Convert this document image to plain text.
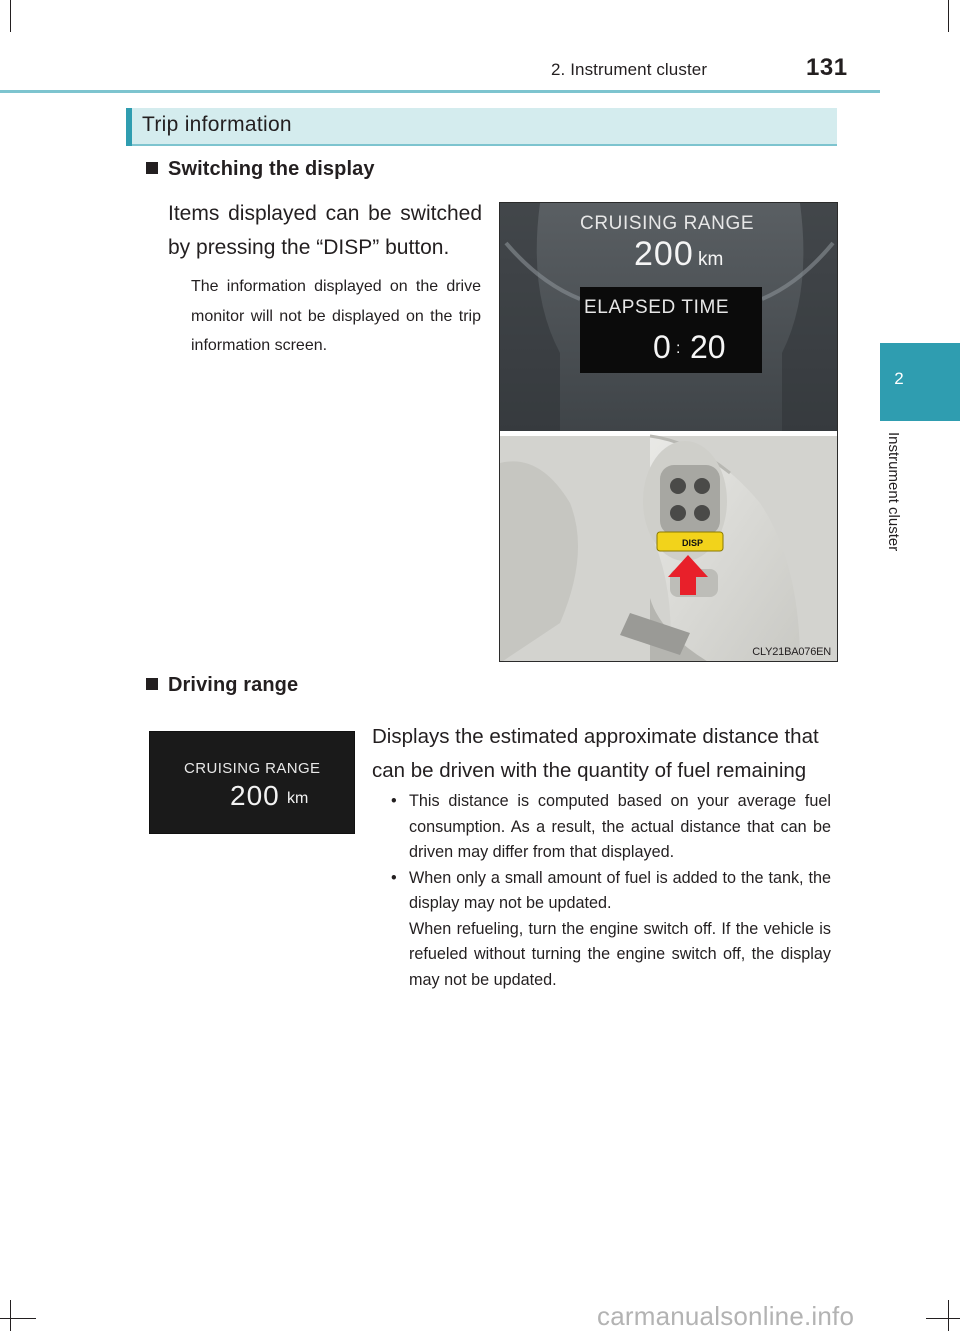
2. Instrument cluster	131
2
Instrument cluster
Trip information
Switching the display

Items displayed can be switched by pressing the “DISP” button.

The information displayed on the drive monitor will not be displayed on the trip information screen.

CRUISING RANGE
200 km
ELAPSED TIME
0 : 20
DISP
CLY21BA076EN
Driving range
CRUISING RANGE
200 km

Displays the estimated approximate distance that can be driven with the quantity of fuel remaining

• This distance is computed based on your average fuel consumption. As a result, the actual distance that can be driven may differ from that displayed.

• When only a small amount of fuel is added to the tank, the display may not be updated.

When refueling, turn the engine switch off. If the vehicle is refueled without turning the engine switch off, the display may not be updated.

carmanualsonline.info
